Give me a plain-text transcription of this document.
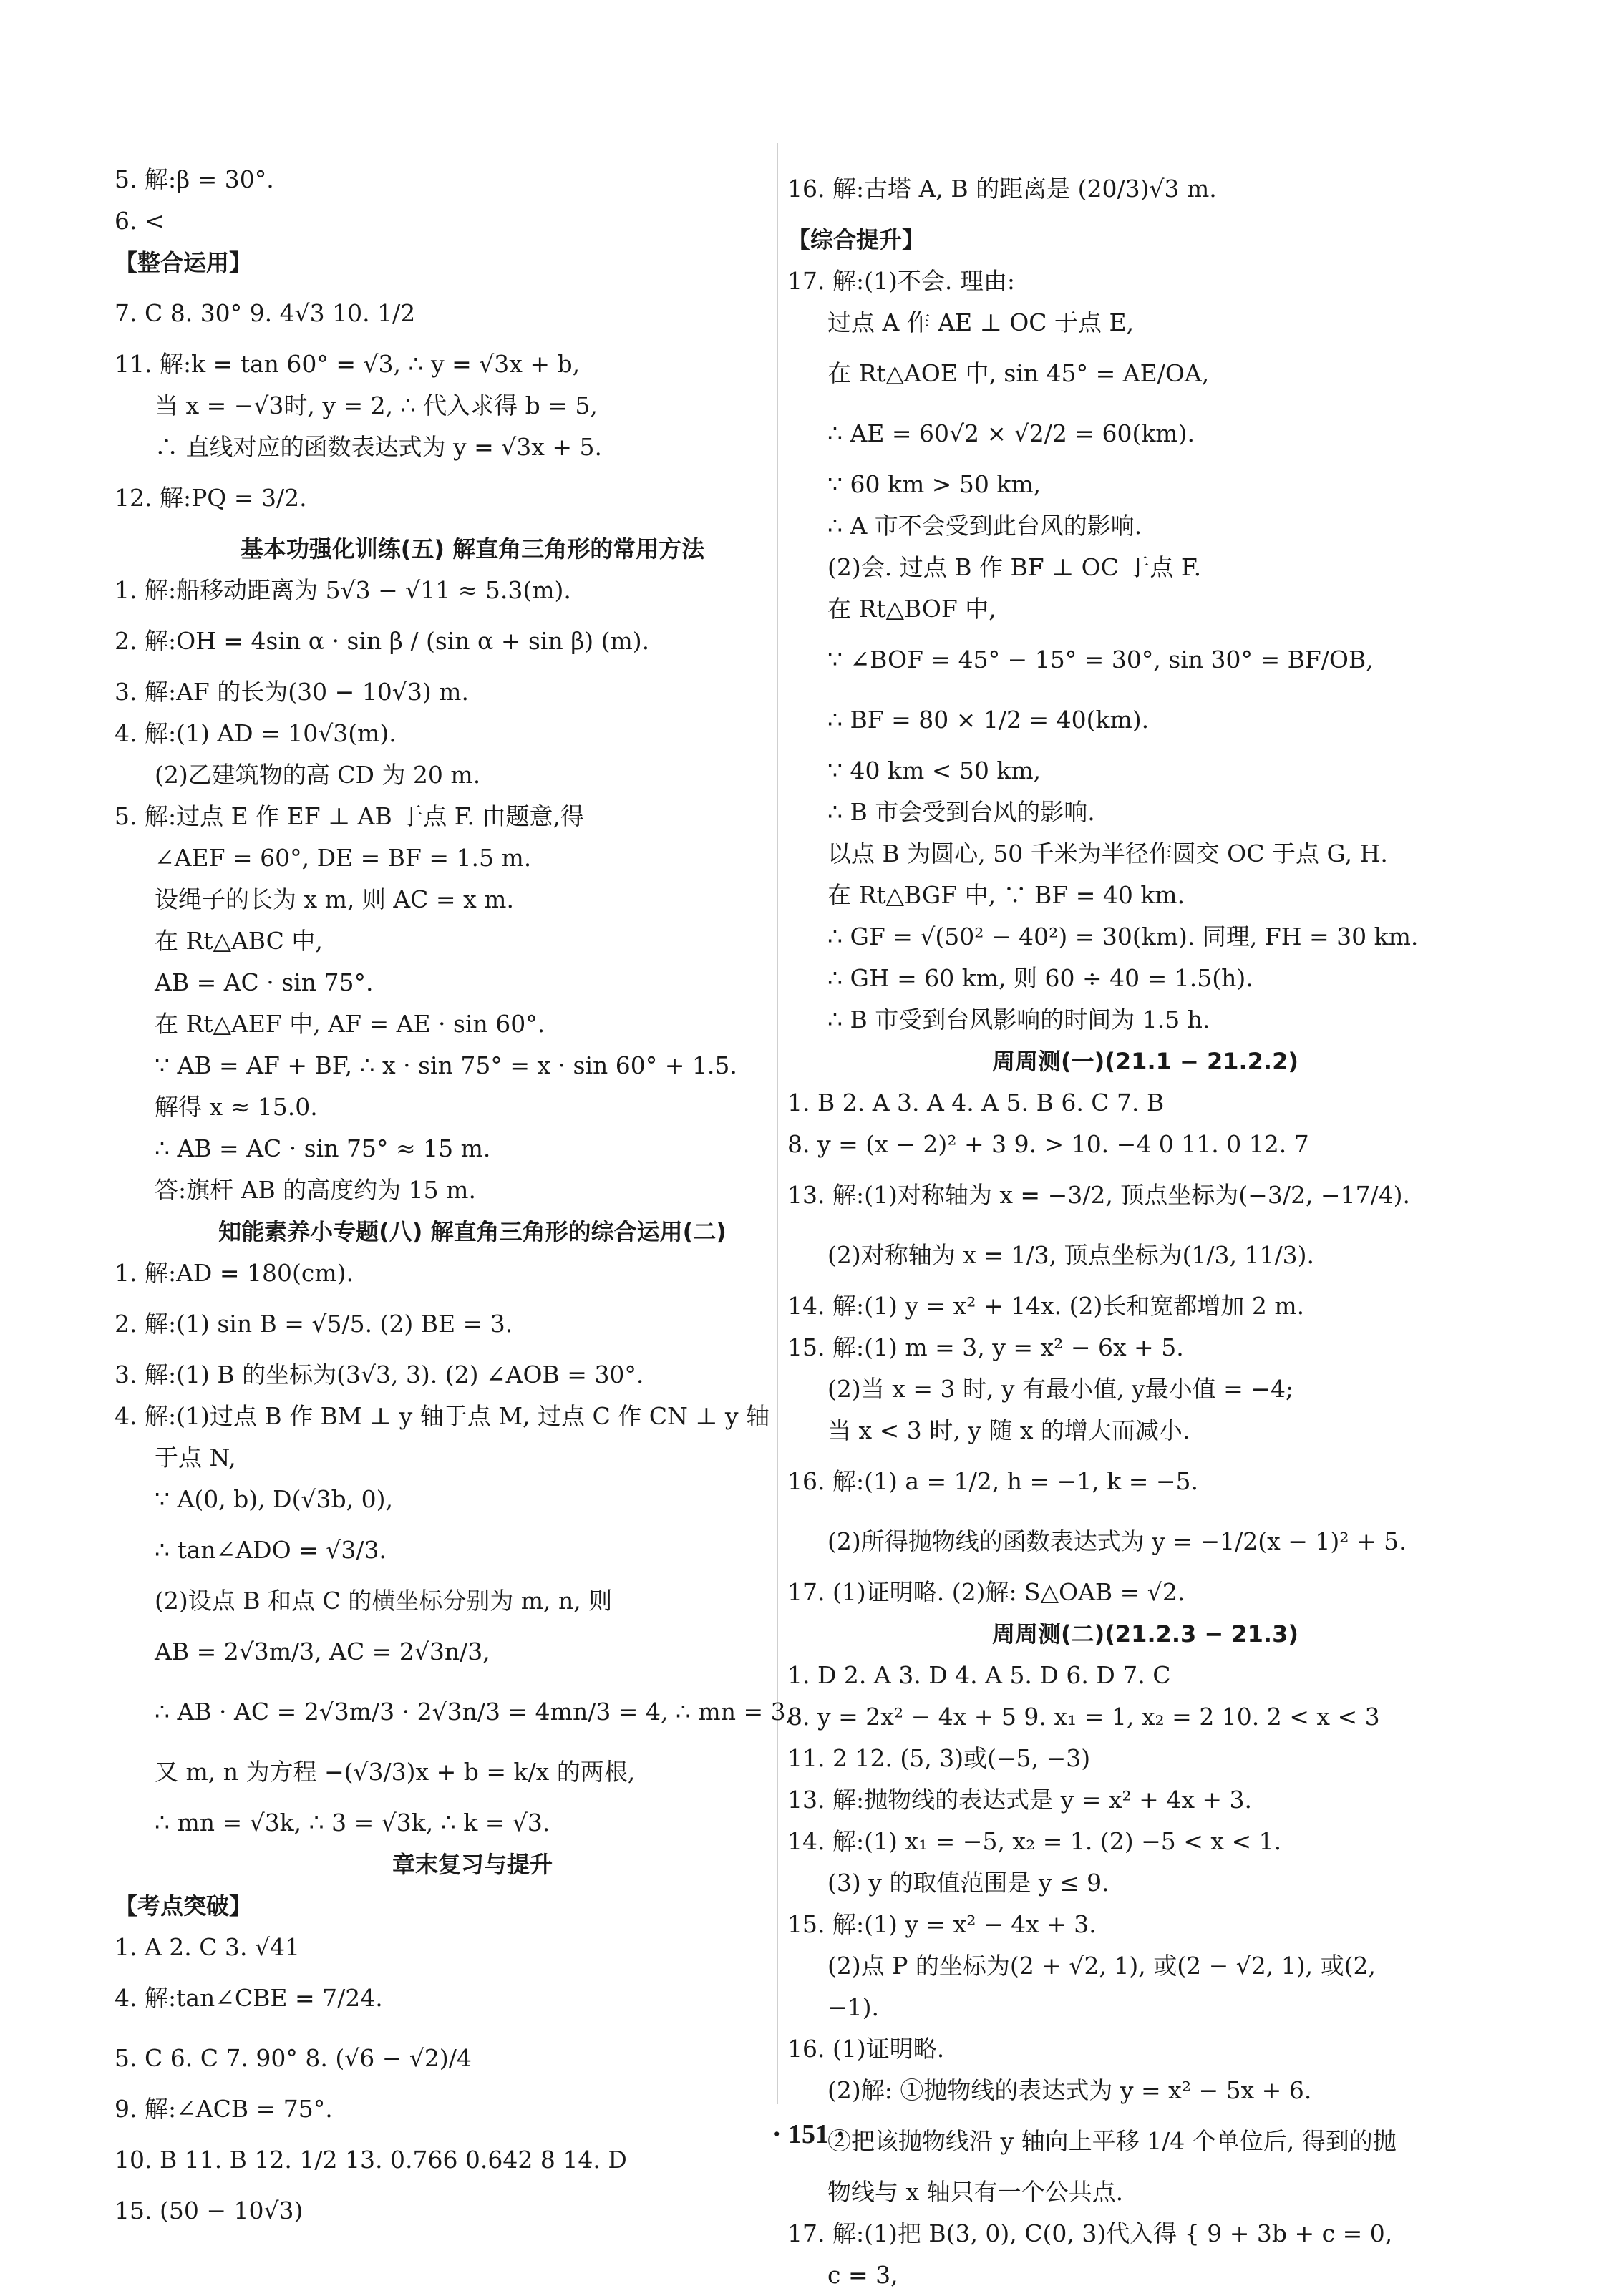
5. 解:β = 30°.
6. <
【整合运用】
7. C 8. 30° 9. 4√3 10. 1/2
11. 解:k = tan 60° = √3, ∴ y = √3x + b,
当 x = −√3时, y = 2, ∴ 代入求得 b = 5,
∴ 直线对应的函数表达式为 y = √3x + 5.
12. 解:PQ = 3/2.
基本功强化训练(五) 解直角三角形的常用方法
1. 解:船移动距离为 5√3 − √11 ≈ 5.3(m).
2. 解:OH = 4sin α · sin β / (sin α + sin β) (m).
3. 解:AF 的长为(30 − 10√3) m.
4. 解:(1) AD = 10√3(m).
(2)乙建筑物的高 CD 为 20 m.
5. 解:过点 E 作 EF ⊥ AB 于点 F. 由题意,得
∠AEF = 60°, DE = BF = 1.5 m.
设绳子的长为 x m, 则 AC = x m.
在 Rt△ABC 中,
AB = AC · sin 75°.
在 Rt△AEF 中, AF = AE · sin 60°.
∵ AB = AF + BF, ∴ x · sin 75° = x · sin 60° + 1.5.
解得 x ≈ 15.0.
∴ AB = AC · sin 75° ≈ 15 m.
答:旗杆 AB 的高度约为 15 m.
知能素养小专题(八) 解直角三角形的综合运用(二)
1. 解:AD = 180(cm).
2. 解:(1) sin B = √5/5. (2) BE = 3.
3. 解:(1) B 的坐标为(3√3, 3). (2) ∠AOB = 30°.
4. 解:(1)过点 B 作 BM ⊥ y 轴于点 M, 过点 C 作 CN ⊥ y 轴
于点 N,
∵ A(0, b), D(√3b, 0),
∴ tan∠ADO = √3/3.
(2)设点 B 和点 C 的横坐标分别为 m, n, 则
AB = 2√3m/3, AC = 2√3n/3,
∴ AB · AC = 2√3m/3 · 2√3n/3 = 4mn/3 = 4, ∴ mn = 3,
又 m, n 为方程 −(√3/3)x + b = k/x 的两根,
∴ mn = √3k, ∴ 3 = √3k, ∴ k = √3.
章末复习与提升
【考点突破】
1. A 2. C 3. √41
4. 解:tan∠CBE = 7/24.
5. C 6. C 7. 90° 8. (√6 − √2)/4
9. 解:∠ACB = 75°.
10. B 11. B 12. 1/2 13. 0.766 0.642 8 14. D
15. (50 − 10√3)
16. 解:古塔 A, B 的距离是 (20/3)√3 m.
【综合提升】
17. 解:(1)不会. 理由:
过点 A 作 AE ⊥ OC 于点 E,
在 Rt△AOE 中, sin 45° = AE/OA,
∴ AE = 60√2 × √2/2 = 60(km).
∵ 60 km > 50 km,
∴ A 市不会受到此台风的影响.
(2)会. 过点 B 作 BF ⊥ OC 于点 F.
在 Rt△BOF 中,
∵ ∠BOF = 45° − 15° = 30°, sin 30° = BF/OB,
∴ BF = 80 × 1/2 = 40(km).
∵ 40 km < 50 km,
∴ B 市会受到台风的影响.
以点 B 为圆心, 50 千米为半径作圆交 OC 于点 G, H.
在 Rt△BGF 中, ∵ BF = 40 km.
∴ GF = √(50² − 40²) = 30(km). 同理, FH = 30 km.
∴ GH = 60 km, 则 60 ÷ 40 = 1.5(h).
∴ B 市受到台风影响的时间为 1.5 h.
周周测(一)(21.1 − 21.2.2)
1. B 2. A 3. A 4. A 5. B 6. C 7. B
8. y = (x − 2)² + 3 9. > 10. −4 0 11. 0 12. 7
13. 解:(1)对称轴为 x = −3/2, 顶点坐标为(−3/2, −17/4).
(2)对称轴为 x = 1/3, 顶点坐标为(1/3, 11/3).
14. 解:(1) y = x² + 14x. (2)长和宽都增加 2 m.
15. 解:(1) m = 3, y = x² − 6x + 5.
(2)当 x = 3 时, y 有最小值, y最小值 = −4;
当 x < 3 时, y 随 x 的增大而减小.
16. 解:(1) a = 1/2, h = −1, k = −5.
(2)所得抛物线的函数表达式为 y = −1/2(x − 1)² + 5.
17. (1)证明略. (2)解: S△OAB = √2.
周周测(二)(21.2.3 − 21.3)
1. D 2. A 3. D 4. A 5. D 6. D 7. C
8. y = 2x² − 4x + 5 9. x₁ = 1, x₂ = 2 10. 2 < x < 3
11. 2 12. (5, 3)或(−5, −3)
13. 解:抛物线的表达式是 y = x² + 4x + 3.
14. 解:(1) x₁ = −5, x₂ = 1. (2) −5 < x < 1.
(3) y 的取值范围是 y ≤ 9.
15. 解:(1) y = x² − 4x + 3.
(2)点 P 的坐标为(2 + √2, 1), 或(2 − √2, 1), 或(2,
−1).
16. (1)证明略.
(2)解: ①抛物线的表达式为 y = x² − 5x + 6.
②把该抛物线沿 y 轴向上平移 1/4 个单位后, 得到的抛
物线与 x 轴只有一个公共点.
17. 解:(1)把 B(3, 0), C(0, 3)代入得 { 9 + 3b + c = 0,
c = 3,
· 151 ·
